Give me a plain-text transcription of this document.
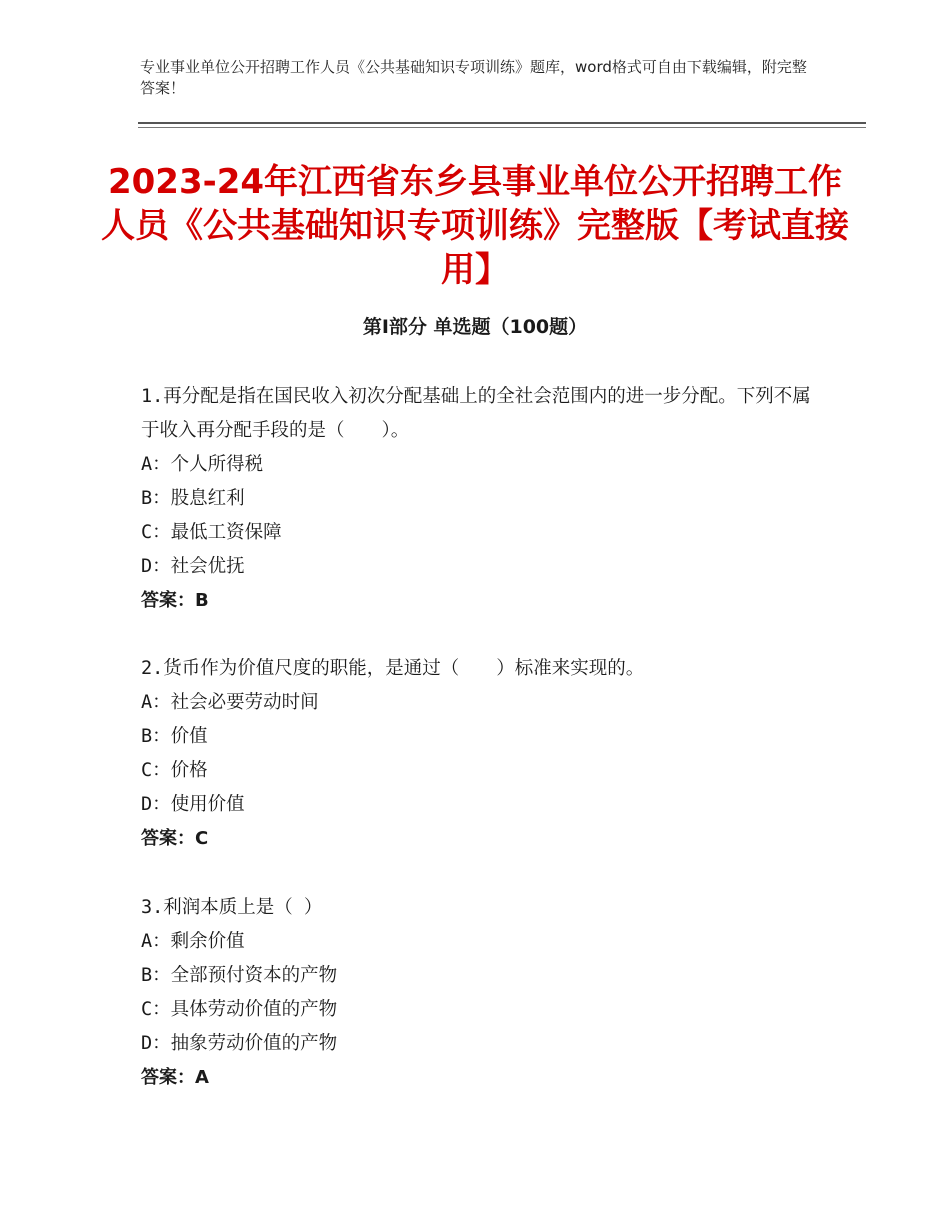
专业事业单位公开招聘工作人员《公共基础知识专项训练》题库，word格式可自由下载编辑，附完整答案！
2023-24年江西省东乡县事业单位公开招聘工作人员《公共基础知识专项训练》完整版【考试直接用】
第Ⅰ部分 单选题（100题）

1.再分配是指在国民收入初次分配基础上的全社会范围内的进一步分配。下列不属于收入再分配手段的是（　　）。

A：个人所得税
B：股息红利
C：最低工资保障
D：社会优抚
答案：B

2.货币作为价值尺度的职能，是通过（　　）标准来实现的。

A：社会必要劳动时间
B：价值
C：价格
D：使用价值
答案：C

3.利润本质上是（ ）

A：剩余价值
B：全部预付资本的产物
C：具体劳动价值的产物
D：抽象劳动价值的产物
答案：A
